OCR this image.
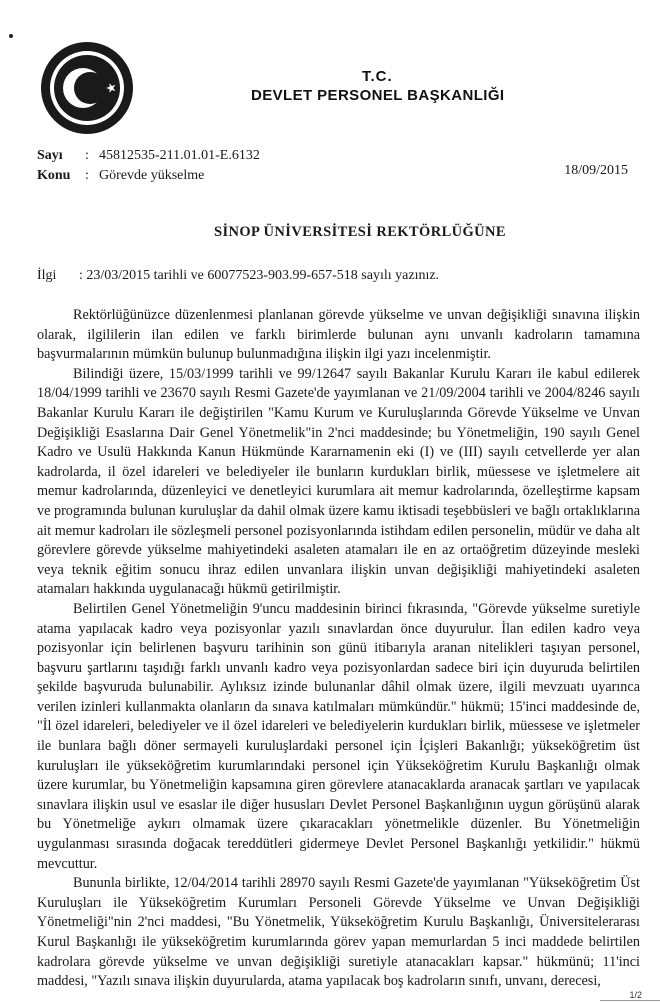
T.C.
DEVLET PERSONEL BAŞKANLIĞI
Sayı : 45812535-211.01.01-E.6132
Konu : Görevde yükselme	18/09/2015
SİNOP ÜNİVERSİTESİ REKTÖRLÜĞÜNE
İlgi : 23/03/2015 tarihli ve 60077523-903.99-657-518 sayılı yazınız.

Rektörlüğünüzce düzenlenmesi planlanan görevde yükselme ve unvan değişikliği sınavına ilişkin olarak, ilgililerin ilan edilen ve farklı birimlerde bulunan aynı unvanlı kadroların tamamına başvurmalarının mümkün bulunup bulunmadığına ilişkin ilgi yazı incelenmiştir.

Bilindiği üzere, 15/03/1999 tarihli ve 99/12647 sayılı Bakanlar Kurulu Kararı ile kabul edilerek 18/04/1999 tarihli ve 23670 sayılı Resmi Gazete'de yayımlanan ve 21/09/2004 tarihli ve 2004/8246 sayılı Bakanlar Kurulu Kararı ile değiştirilen "Kamu Kurum ve Kuruluşlarında Görevde Yükselme ve Unvan Değişikliği Esaslarına Dair Genel Yönetmelik"in 2'nci maddesinde; bu Yönetmeliğin, 190 sayılı Genel Kadro ve Usulü Hakkında Kanun Hükmünde Kararnamenin eki (I) ve (III) sayılı cetvellerde yer alan kadrolarda, il özel idareleri ve belediyeler ile bunların kurdukları birlik, müessese ve işletmelere ait memur kadrolarında, düzenleyici ve denetleyici kurumlara ait memur kadrolarında, özelleştirme kapsam ve programında bulunan kuruluşlar da dahil olmak üzere kamu iktisadi teşebbüsleri ve bağlı ortaklıklarına ait memur kadroları ile sözleşmeli personel pozisyonlarında istihdam edilen personelin, müdür ve daha alt görevlere görevde yükselme mahiyetindeki asaleten atamaları ile en az ortaöğretim düzeyinde mesleki veya teknik eğitim sonucu ihraz edilen unvanlara ilişkin unvan değişikliği mahiyetindeki asaleten atamaları hakkında uygulanacağı hükmü getirilmiştir.

Belirtilen Genel Yönetmeliğin 9'uncu maddesinin birinci fıkrasında, "Görevde yükselme suretiyle atama yapılacak kadro veya pozisyonlar yazılı sınavlardan önce duyurulur. İlan edilen kadro veya pozisyonlar için belirlenen başvuru tarihinin son günü itibarıyla aranan nitelikleri taşıyan personel, başvuru şartlarını taşıdığı farklı unvanlı kadro veya pozisyonlardan sadece biri için duyuruda belirtilen şekilde başvuruda bulunabilir. Aylıksız izinde bulunanlar dâhil olmak üzere, ilgili mevzuatı uyarınca verilen izinleri kullanmakta olanların da sınava katılmaları mümkündür." hükmü; 15'inci maddesinde de, "İl özel idareleri, belediyeler ve il özel idareleri ve belediyelerin kurdukları birlik, müessese ve işletmeler ile bunlara bağlı döner sermayeli kuruluşlardaki personel için İçişleri Bakanlığı; yükseköğretim üst kuruluşları ile yükseköğretim kurumlarındaki personel için Yükseköğretim Kurulu Başkanlığı olmak üzere kurumlar, bu Yönetmeliğin kapsamına giren görevlere atanacaklarda aranacak şartları ve yapılacak sınavlara ilişkin usul ve esaslar ile diğer hususları Devlet Personel Başkanlığının uygun görüşünü alarak bu Yönetmeliğe aykırı olmamak üzere çıkaracakları yönetmelikle düzenler. Bu Yönetmeliğin uygulanması sırasında doğacak tereddütleri gidermeye Devlet Personel Başkanlığı yetkilidir." hükmü mevcuttur.

Bununla birlikte, 12/04/2014 tarihli 28970 sayılı Resmi Gazete'de yayımlanan "Yükseköğretim Üst Kuruluşları ile Yükseköğretim Kurumları Personeli Görevde Yükselme ve Unvan Değişikliği Yönetmeliği"nin 2'nci maddesi, "Bu Yönetmelik, Yükseköğretim Kurulu Başkanlığı, Üniversitelerarası Kurul Başkanlığı ile yükseköğretim kurumlarında görev yapan memurlardan 5 inci maddede belirtilen kadrolara görevde yükselme ve unvan değişikliği suretiyle atanacakları kapsar." hükmünü; 11'inci maddesi, "Yazılı sınava ilişkin duyurularda, atama yapılacak boş kadroların sınıfı, unvanı, derecesi,

1/2
